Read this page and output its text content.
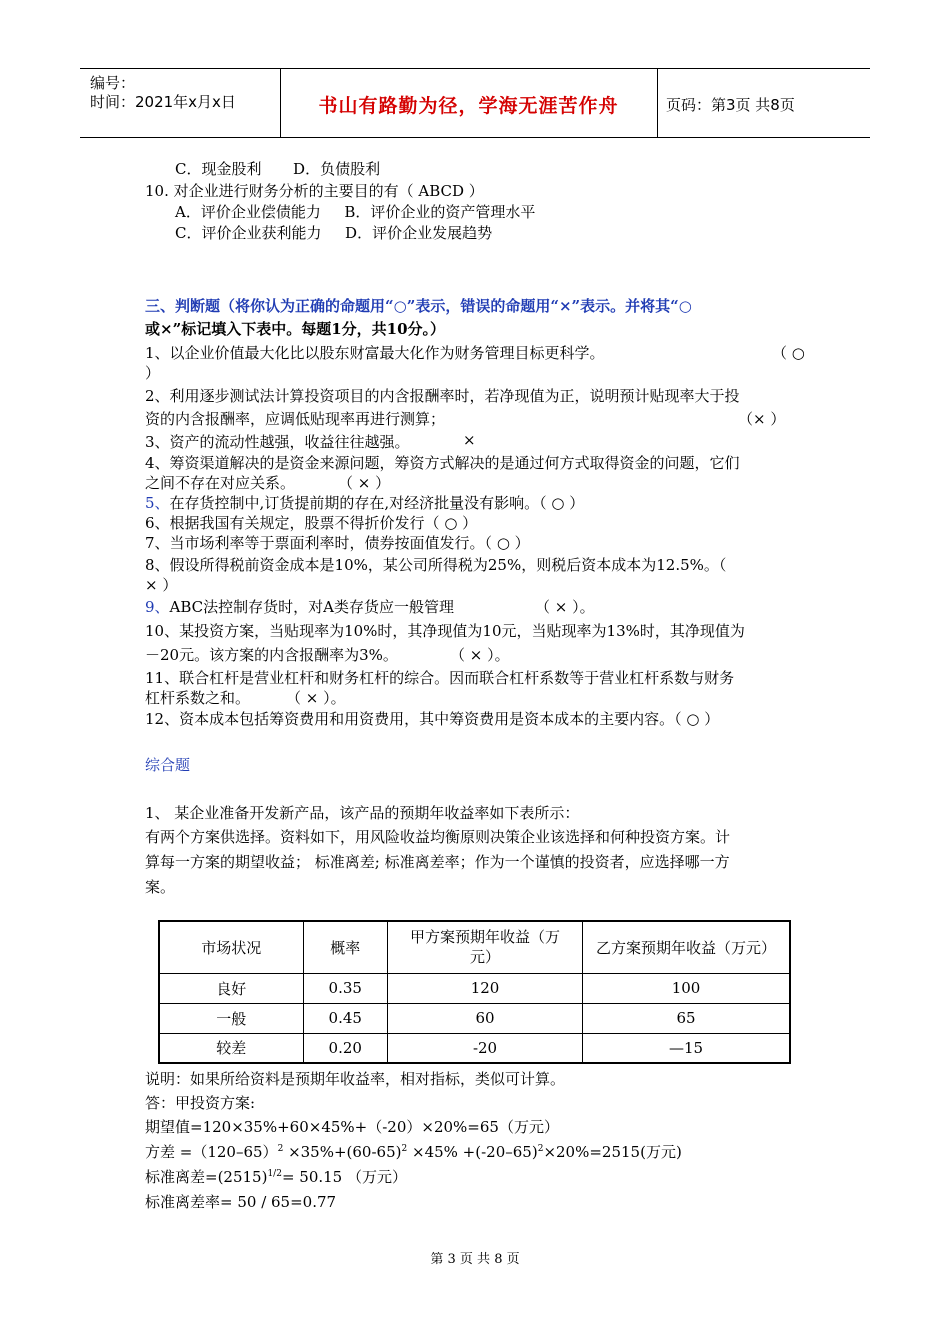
编号：
时间：2021年x月x日	书山有路勤为径，学海无涯苦作舟	页码：第3页 共8页
C．现金股利 D．负债股利
10. 对企业进行财务分析的主要目的有（ ABCD ）
A．评价企业偿债能力 B．评价企业的资产管理水平
C．评价企业获利能力 D．评价企业发展趋势
三、判断题（将你认为正确的命题用“○”表示，错误的命题用“×”表示。并将其“○
或×”标记填入下表中。每题1分，共10分。）
1、以企业价值最大化比以股东财富最大化作为财务管理目标更科学。	（ ○
）
2、利用逐步测试法计算投资项目的内含报酬率时，若净现值为正，说明预计贴现率大于投
资的内含报酬率，应调低贴现率再进行测算；	（× ）
3、资产的流动性越强，收益往往越强。	×
4、筹资渠道解决的是资金来源问题，筹资方式解决的是通过何方式取得资金的问题，它们
之间不存在对应关系。	（ × ）
5、在存货控制中,订货提前期的存在,对经济批量没有影响。（ ○ ）
6、根据我国有关规定，股票不得折价发行（ ○ ）
7、当市场利率等于票面利率时，债券按面值发行。（ ○ ）
8、假设所得税前资金成本是10%，某公司所得税为25%，则税后资本成本为12.5%。（
× ）
9、ABC法控制存货时，对A类存货应一般管理	（ × ）。
10、某投资方案，当贴现率为10%时，其净现值为10元，当贴现率为13%时，其净现值为
－20元。该方案的内含报酬率为3%。	（ × ）。
11、联合杠杆是营业杠杆和财务杠杆的综合。因而联合杠杆系数等于营业杠杆系数与财务
杠杆系数之和。 （ × ）。
12、资本成本包括筹资费用和用资费用，其中筹资费用是资本成本的主要内容。（ ○ ）
综合题
1、 某企业准备开发新产品，该产品的预期年收益率如下表所示：
有两个方案供选择。资料如下，用风险收益均衡原则决策企业该选择和何种投资方案。计
算每一方案的期望收益； 标准离差; 标准离差率；作为一个谨慎的投资者，应选择哪一方
案。
市场状况	概率	甲方案预期年收益（万
元）	乙方案预期年收益（万元）
良好	0.35	120	100
一般	0.45	60	65
较差	0.20	-20	—15
说明：如果所给资料是预期年收益率，相对指标，类似可计算。
答：甲投资方案:
期望值=120×35%+60×45%+（-20）×20%=65（万元）
方差 $=(120-65)^2 \times 35\%+(60-65)^2 \times 45\% +(-20-65)^2\times 20\%=2515$(万元)
标准离差$=(2515)^{1/2}= 50.15$ （万元）
标准离差率= 50 / 65=0.77
第 3 页 共 8 页
